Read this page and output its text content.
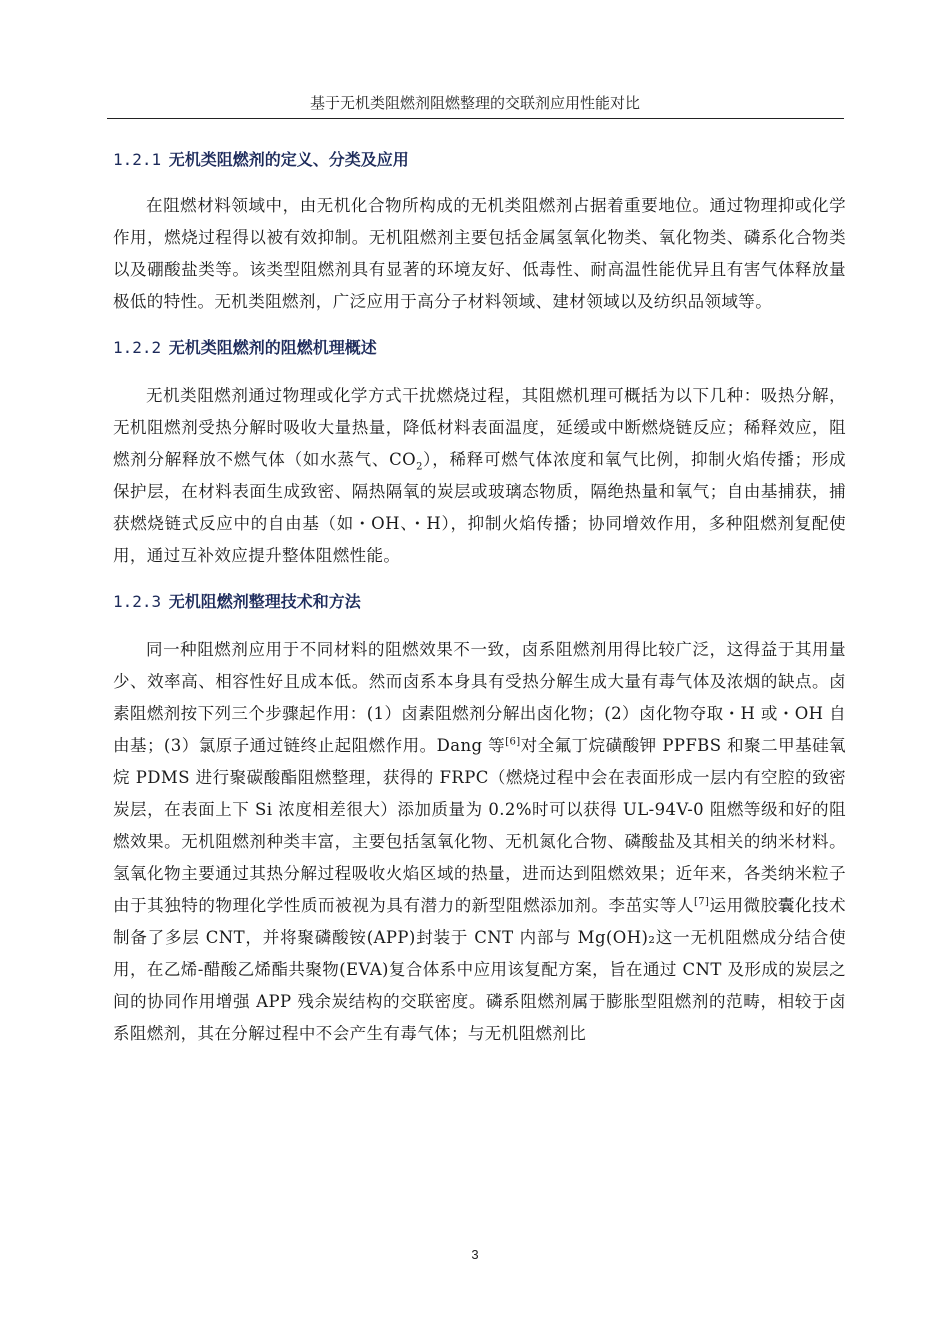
基于无机类阻燃剂阻燃整理的交联剂应用性能对比
1.2.1 无机类阻燃剂的定义、分类及应用

在阻燃材料领域中，由无机化合物所构成的无机类阻燃剂占据着重要地位。通过物理抑或化学作用，燃烧过程得以被有效抑制。无机阻燃剂主要包括金属氢氧化物类、氧化物类、磷系化合物类以及硼酸盐类等。该类型阻燃剂具有显著的环境友好、低毒性、耐高温性能优异且有害气体释放量极低的特性。无机类阻燃剂，广泛应用于高分子材料领域、建材领域以及纺织品领域等。

1.2.2 无机类阻燃剂的阻燃机理概述

无机类阻燃剂通过物理或化学方式干扰燃烧过程，其阻燃机理可概括为以下几种：吸热分解，无机阻燃剂受热分解时吸收大量热量，降低材料表面温度，延缓或中断燃烧链反应；稀释效应，阻燃剂分解释放不燃气体（如水蒸气、$CO_2$），稀释可燃气体浓度和氧气比例，抑制火焰传播；形成保护层，在材料表面生成致密、隔热隔氧的炭层或玻璃态物质，隔绝热量和氧气；自由基捕获，捕获燃烧链式反应中的自由基（如・OH、・H），抑制火焰传播；协同增效作用，多种阻燃剂复配使用，通过互补效应提升整体阻燃性能。

1.2.3 无机阻燃剂整理技术和方法

同一种阻燃剂应用于不同材料的阻燃效果不一致，卤系阻燃剂用得比较广泛，这得益于其用量少、效率高、相容性好且成本低。然而卤系本身具有受热分解生成大量有毒气体及浓烟的缺点。卤素阻燃剂按下列三个步骤起作用：(1）卤素阻燃剂分解出卤化物；(2）卤化物夺取・H 或・OH 自由基；(3）氯原子通过链终止起阻燃作用。Dang 等[6]对全氟丁烷磺酸钾 PPFBS 和聚二甲基硅氧烷 PDMS 进行聚碳酸酯阻燃整理，获得的 FRPC（燃烧过程中会在表面形成一层内有空腔的致密炭层，在表面上下 Si 浓度相差很大）添加质量为 0.2%时可以获得 UL-94V-0 阻燃等级和好的阻燃效果。无机阻燃剂种类丰富，主要包括氢氧化物、无机氮化合物、磷酸盐及其相关的纳米材料。氢氧化物主要通过其热分解过程吸收火焰区域的热量，进而达到阻燃效果；近年来，各类纳米粒子由于其独特的物理化学性质而被视为具有潜力的新型阻燃添加剂。李茁实等人[7]运用微胶囊化技术制备了多层 CNT，并将聚磷酸铵(APP)封装于 CNT 内部与 Mg(OH)₂这一无机阻燃成分结合使用，在乙烯-醋酸乙烯酯共聚物(EVA)复合体系中应用该复配方案，旨在通过 CNT 及形成的炭层之间的协同作用增强 APP 残余炭结构的交联密度。磷系阻燃剂属于膨胀型阻燃剂的范畴，相较于卤系阻燃剂，其在分解过程中不会产生有毒气体；与无机阻燃剂比

3
